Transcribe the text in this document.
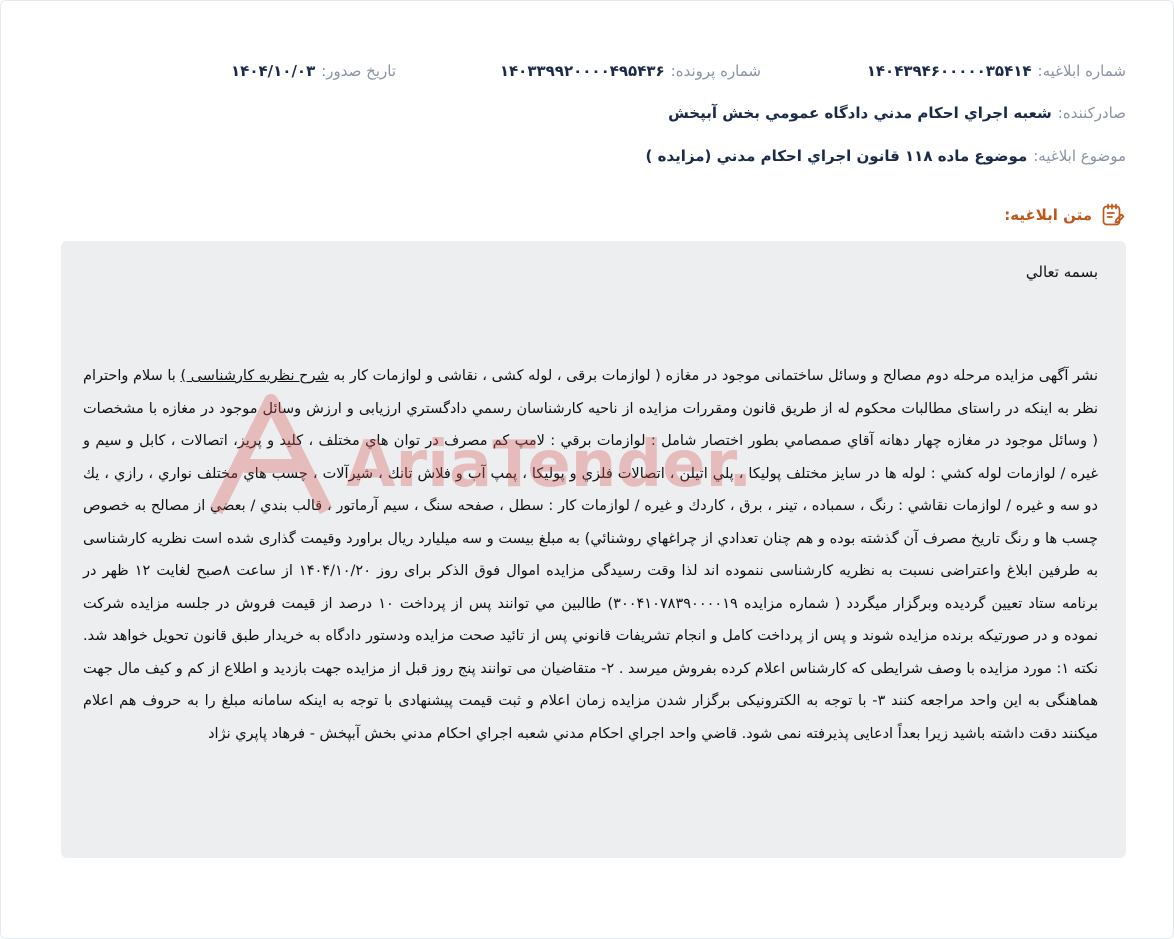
شماره ابلاغیه:
۱۴۰۴۳۹۴۶۰۰۰۰۰۳۵۴۱۴
شماره پرونده:
۱۴۰۳۳۹۹۲۰۰۰۰۴۹۵۴۳۶
تاریخ صدور:
۱۴۰۴/۱۰/۰۳
صادرکننده:
شعبه اجراي احكام مدني دادگاه عمومي بخش آبپخش
موضوع ابلاغیه:
موضوع ماده ۱۱۸ قانون اجراي احكام مدني (مزايده )
متن ابلاغیه:

بسمه تعالي

نشر آگهی مزایده مرحله دوم مصالح و وسائل ساختمانی موجود در مغازه ( لوازمات برقی ، لوله کشی ، نقاشی و لوازمات کار به شرح نظریه کارشناسی ) با سلام واحترام نظر به اینکه در راستای مطالبات محکوم له از طریق قانون ومقررات مزایده از ناحیه کارشناسان رسمي دادگستري ارزیابی و ارزش وسائل موجود در مغازه با مشخصات ( وسائل موجود در مغازه چهار دهانه آقاي صمصامي بطور اختصار شامل : لوازمات برقي : لامپ کم مصرف در توان هاي مختلف ، کلید و پریز، اتصالات ، کابل و سیم و غیره / لوازمات لوله کشي : لوله ها در سایز مختلف پولیکا ، پلي اتیلن ، اتصالات فلزي و پولیکا ، پمپ آب و فلاش تانك ، شیرآلات ، چسب هاي مختلف نواري ، رازي ، يك دو سه و غيره / لوازمات نقاشي : رنگ ، سمباده ، تينر ، برق ، كاردك و غيره / لوازمات كار : سطل ، صفحه سنگ ، سیم آرماتور ، قالب بندي / بعضي از مصالح به خصوص چسب ها و رنگ تاريخ مصرف آن گذشته بوده و هم چنان تعدادي از چراغهاي روشنائي) به مبلغ بیست و سه میلیارد ریال براورد وقیمت گذاری شده است نظریه کارشناسی به طرفین ابلاغ واعتراضی نسبت به نظریه کارشناسی ننموده اند لذا وقت رسیدگی مزایده اموال فوق الذکر برای روز ۱۴۰۴/۱۰/۲۰ از ساعت ۸صبح لغایت ۱۲ ظهر در برنامه ستاد تعیین گردیده وبرگزار میگردد ( شماره مزایده ۳۰۰۴۱۰۷۸۳۹۰۰۰۰۱۹) طالبين مي توانند پس از پرداخت ۱۰ درصد از قيمت فروش در جلسه مزايده شركت نموده و در صورتيكه برنده مزایده شوند و پس از پرداخت كامل و انجام تشريفات قانوني پس از تائيد صحت مزايده ودستور دادگاه به خريدار طبق قانون تحويل خواهد شد. نکته ۱: مورد مزایده با وصف شرایطی که کارشناس اعلام کرده بفروش میرسد . ۲- متقاضیان می توانند پنج روز قبل از مزایده جهت بازدید و اطلاع از کم و کیف مال جهت هماهنگی به این واحد مراجعه کنند ۳- با توجه به الکترونیکی برگزار شدن مزایده زمان اعلام و ثبت قیمت پیشنهادی با توجه به اینکه سامانه مبلغ را به حروف هم اعلام میکنند دقت داشته باشید زیرا بعداً ادعایی پذیرفته نمی شود. قاضي واحد اجراي احكام مدني شعبه اجراي احكام مدني بخش آبپخش - فرهاد پاپري نژاد
AriaTender.
